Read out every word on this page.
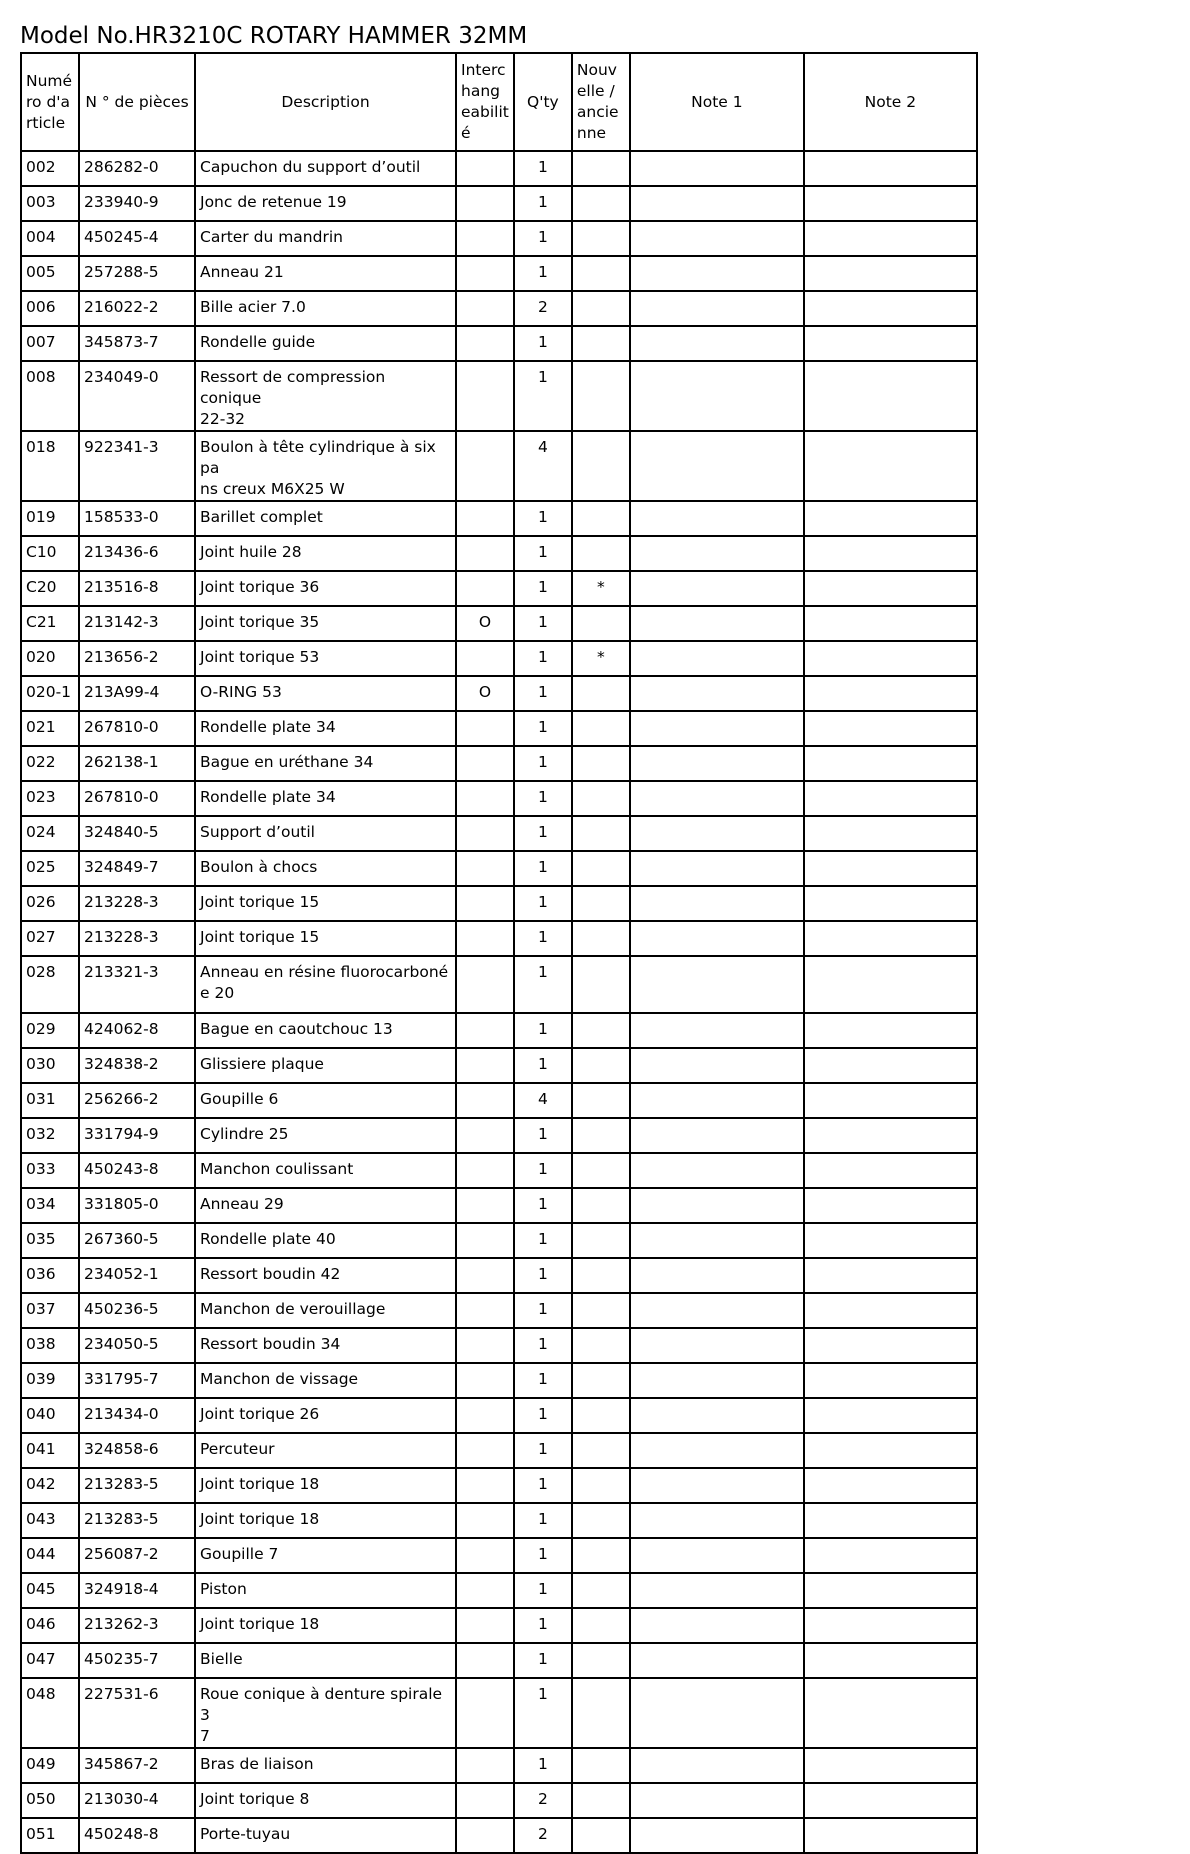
Model No.HR3210C ROTARY HAMMER 32MM
Numé
ro d'a
rticle	N ° de pièces	Description	Interc
hang
eabilit
é	Q'ty	Nouv
elle /
ancie
nne	Note 1	Note 2
002	286282-0	Capuchon du support d’outil		1			
003	233940-9	Jonc de retenue 19		1			
004	450245-4	Carter du mandrin		1			
005	257288-5	Anneau 21		1			
006	216022-2	Bille acier 7.0		2			
007	345873-7	Rondelle guide		1			
008	234049-0	Ressort de compression conique
22-32		1			
018	922341-3	Boulon à tête cylindrique à six pa
ns creux M6X25 W		4			
019	158533-0	Barillet complet		1			
C10	213436-6	Joint huile 28		1			
C20	213516-8	Joint torique 36		1	*		
C21	213142-3	Joint torique 35	O	1			
020	213656-2	Joint torique 53		1	*		
020-1	213A99-4	O-RING 53	O	1			
021	267810-0	Rondelle plate 34		1			
022	262138-1	Bague en uréthane 34		1			
023	267810-0	Rondelle plate 34		1			
024	324840-5	Support d’outil		1			
025	324849-7	Boulon à chocs		1			
026	213228-3	Joint torique 15		1			
027	213228-3	Joint torique 15		1			
028	213321-3	Anneau en résine fluorocarboné
e 20		1			
029	424062-8	Bague en caoutchouc 13		1			
030	324838-2	Glissiere plaque		1			
031	256266-2	Goupille 6		4			
032	331794-9	Cylindre 25		1			
033	450243-8	Manchon coulissant		1			
034	331805-0	Anneau 29		1			
035	267360-5	Rondelle plate 40		1			
036	234052-1	Ressort boudin 42		1			
037	450236-5	Manchon de verouillage		1			
038	234050-5	Ressort boudin 34		1			
039	331795-7	Manchon de vissage		1			
040	213434-0	Joint torique 26		1			
041	324858-6	Percuteur		1			
042	213283-5	Joint torique 18		1			
043	213283-5	Joint torique 18		1			
044	256087-2	Goupille 7		1			
045	324918-4	Piston		1			
046	213262-3	Joint torique 18		1			
047	450235-7	Bielle		1			
048	227531-6	Roue conique à denture spirale 3
7		1			
049	345867-2	Bras de liaison		1			
050	213030-4	Joint torique 8		2			
051	450248-8	Porte-tuyau		2			
